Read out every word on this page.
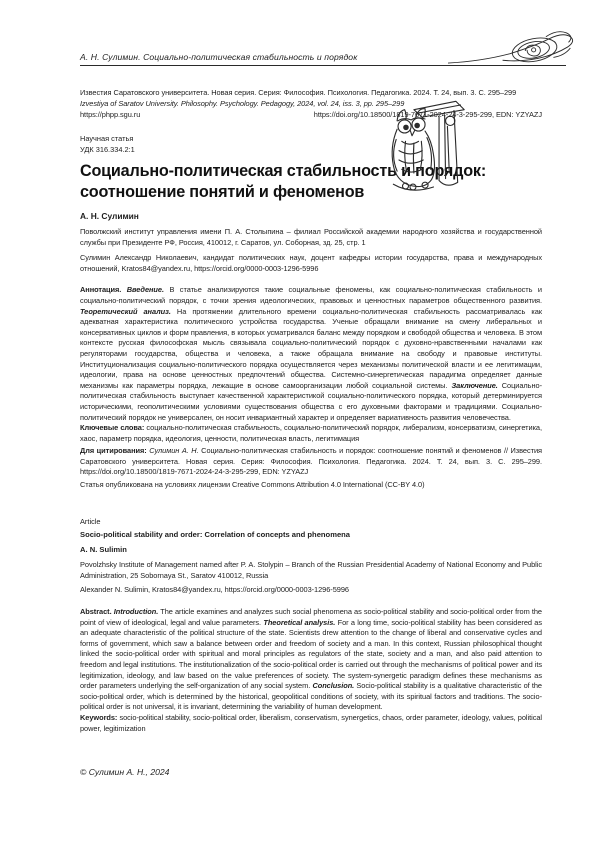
А. Н. Сулимин. Социально-политическая стабильность и порядок
Известия Саратовского университета. Новая серия. Серия: Философия. Психология. Педагогика. 2024. Т. 24, вып. 3. С. 295–299
Izvestiya of Saratov University. Philosophy. Psychology. Pedagogy, 2024, vol. 24, iss. 3, pp. 295–299
https://phpp.sgu.ru	https://doi.org/10.18500/1819-7671-2024-24-3-295-299, EDN: YZYAZJ
Научная статья
УДК 316.334.2:1
Социально-политическая стабильность и порядок: соотношение понятий и феноменов
А. Н. Сулимин

Поволжский институт управления имени П. А. Столыпина – филиал Российской академии народного хозяйства и государственной службы при Президенте РФ, Россия, 410012, г. Саратов, ул. Соборная, зд. 25, стр. 1

Сулимин Александр Николаевич, кандидат политических наук, доцент кафедры истории государства, права и международных отношений, Kratos84@yandex.ru, https://orcid.org/0000-0003-1296-5996

Аннотация. Введение. В статье анализируются такие социальные феномены, как социально-политическая стабильность и социально-политический порядок, с точки зрения идеологических, правовых и ценностных параметров общественного развития. Теоретический анализ. На протяжении длительного времени социально-политическая стабильность рассматривалась как адекватная характеристика политического устройства государства. Ученые обращали внимание на смену либеральных и консервативных циклов и форм правления, в которых усматривался баланс между порядком и свободой общества и человека. В этом контексте русская философская мысль связывала социально-политический порядок с духовно-нравственными началами как регуляторами государства, общества и человека, а также обращала внимание на свободу и правовые институты. Институционализация социально-политического порядка осуществляется через механизмы политической власти и ее легитимации, идеологии, права на основе ценностных предпочтений общества. Системно-синергетическая парадигма определяет данные механизмы как параметры порядка, лежащие в основе самоорганизации любой социальной системы. Заключение. Социально-политическая стабильность выступает качественной характеристикой социально-политического порядка, который детерминируется историческими, геополитическими условиями существования общества с его духовными факторами и традициями. Социально-политический порядок не универсален, он носит инвариантный характер и определяет вариативность развития человечества.

Ключевые слова: социально-политическая стабильность, социально-политический порядок, либерализм, консерватизм, синергетика, хаос, параметр порядка, идеология, ценности, политическая власть, легитимация

Для цитирования: Сулимин А. Н. Социально-политическая стабильность и порядок: соотношение понятий и феноменов // Известия Саратовского университета. Новая серия. Серия: Философия. Психология. Педагогика. 2024. Т. 24, вып. 3. С. 295–299. https://doi.org/10.18500/1819-7671-2024-24-3-295-299, EDN: YZYAZJ

Статья опубликована на условиях лицензии Creative Commons Attribution 4.0 International (CC-BY 4.0)

Article
Socio-political stability and order: Correlation of concepts and phenomena
A. N. Sulimin

Povolzhsky Institute of Management named after P. A. Stolypin – Branch of the Russian Presidential Academy of National Economy and Public Administration, 25 Sobornaya St., Saratov 410012, Russia

Alexander N. Sulimin, Kratos84@yandex.ru, https://orcid.org/0000-0003-1296-5996

Abstract. Introduction. The article examines and analyzes such social phenomena as socio-political stability and socio-political order from the point of view of ideological, legal and value parameters. Theoretical analysis. For a long time, socio-political stability has been considered as an adequate characteristic of the political structure of the state. Scientists drew attention to the change of liberal and conservative cycles and forms of government, which saw a balance between order and freedom of society and a man. In this context, Russian philosophical thought linked the socio-political order with spiritual and moral principles as regulators of the state, society and a man, and also paid attention to freedom and legal institutions. The institutionalization of the socio-political order is carried out through the mechanisms of political power and its legitimization, ideology, and law based on the value preferences of society. The system-synergetic paradigm defines these mechanisms as order parameters underlying the self-organization of any social system. Conclusion. Socio-political stability is a qualitative characteristic of the socio-political order, which is determined by the historical, geopolitical conditions of society, with its spiritual factors and traditions. The socio-political order is not universal, it is invariant, determining the variability of human development.

Keywords: socio-political stability, socio-political order, liberalism, conservatism, synergetics, chaos, order parameter, ideology, values, political power, legitimization

© Сулимин А. Н., 2024
